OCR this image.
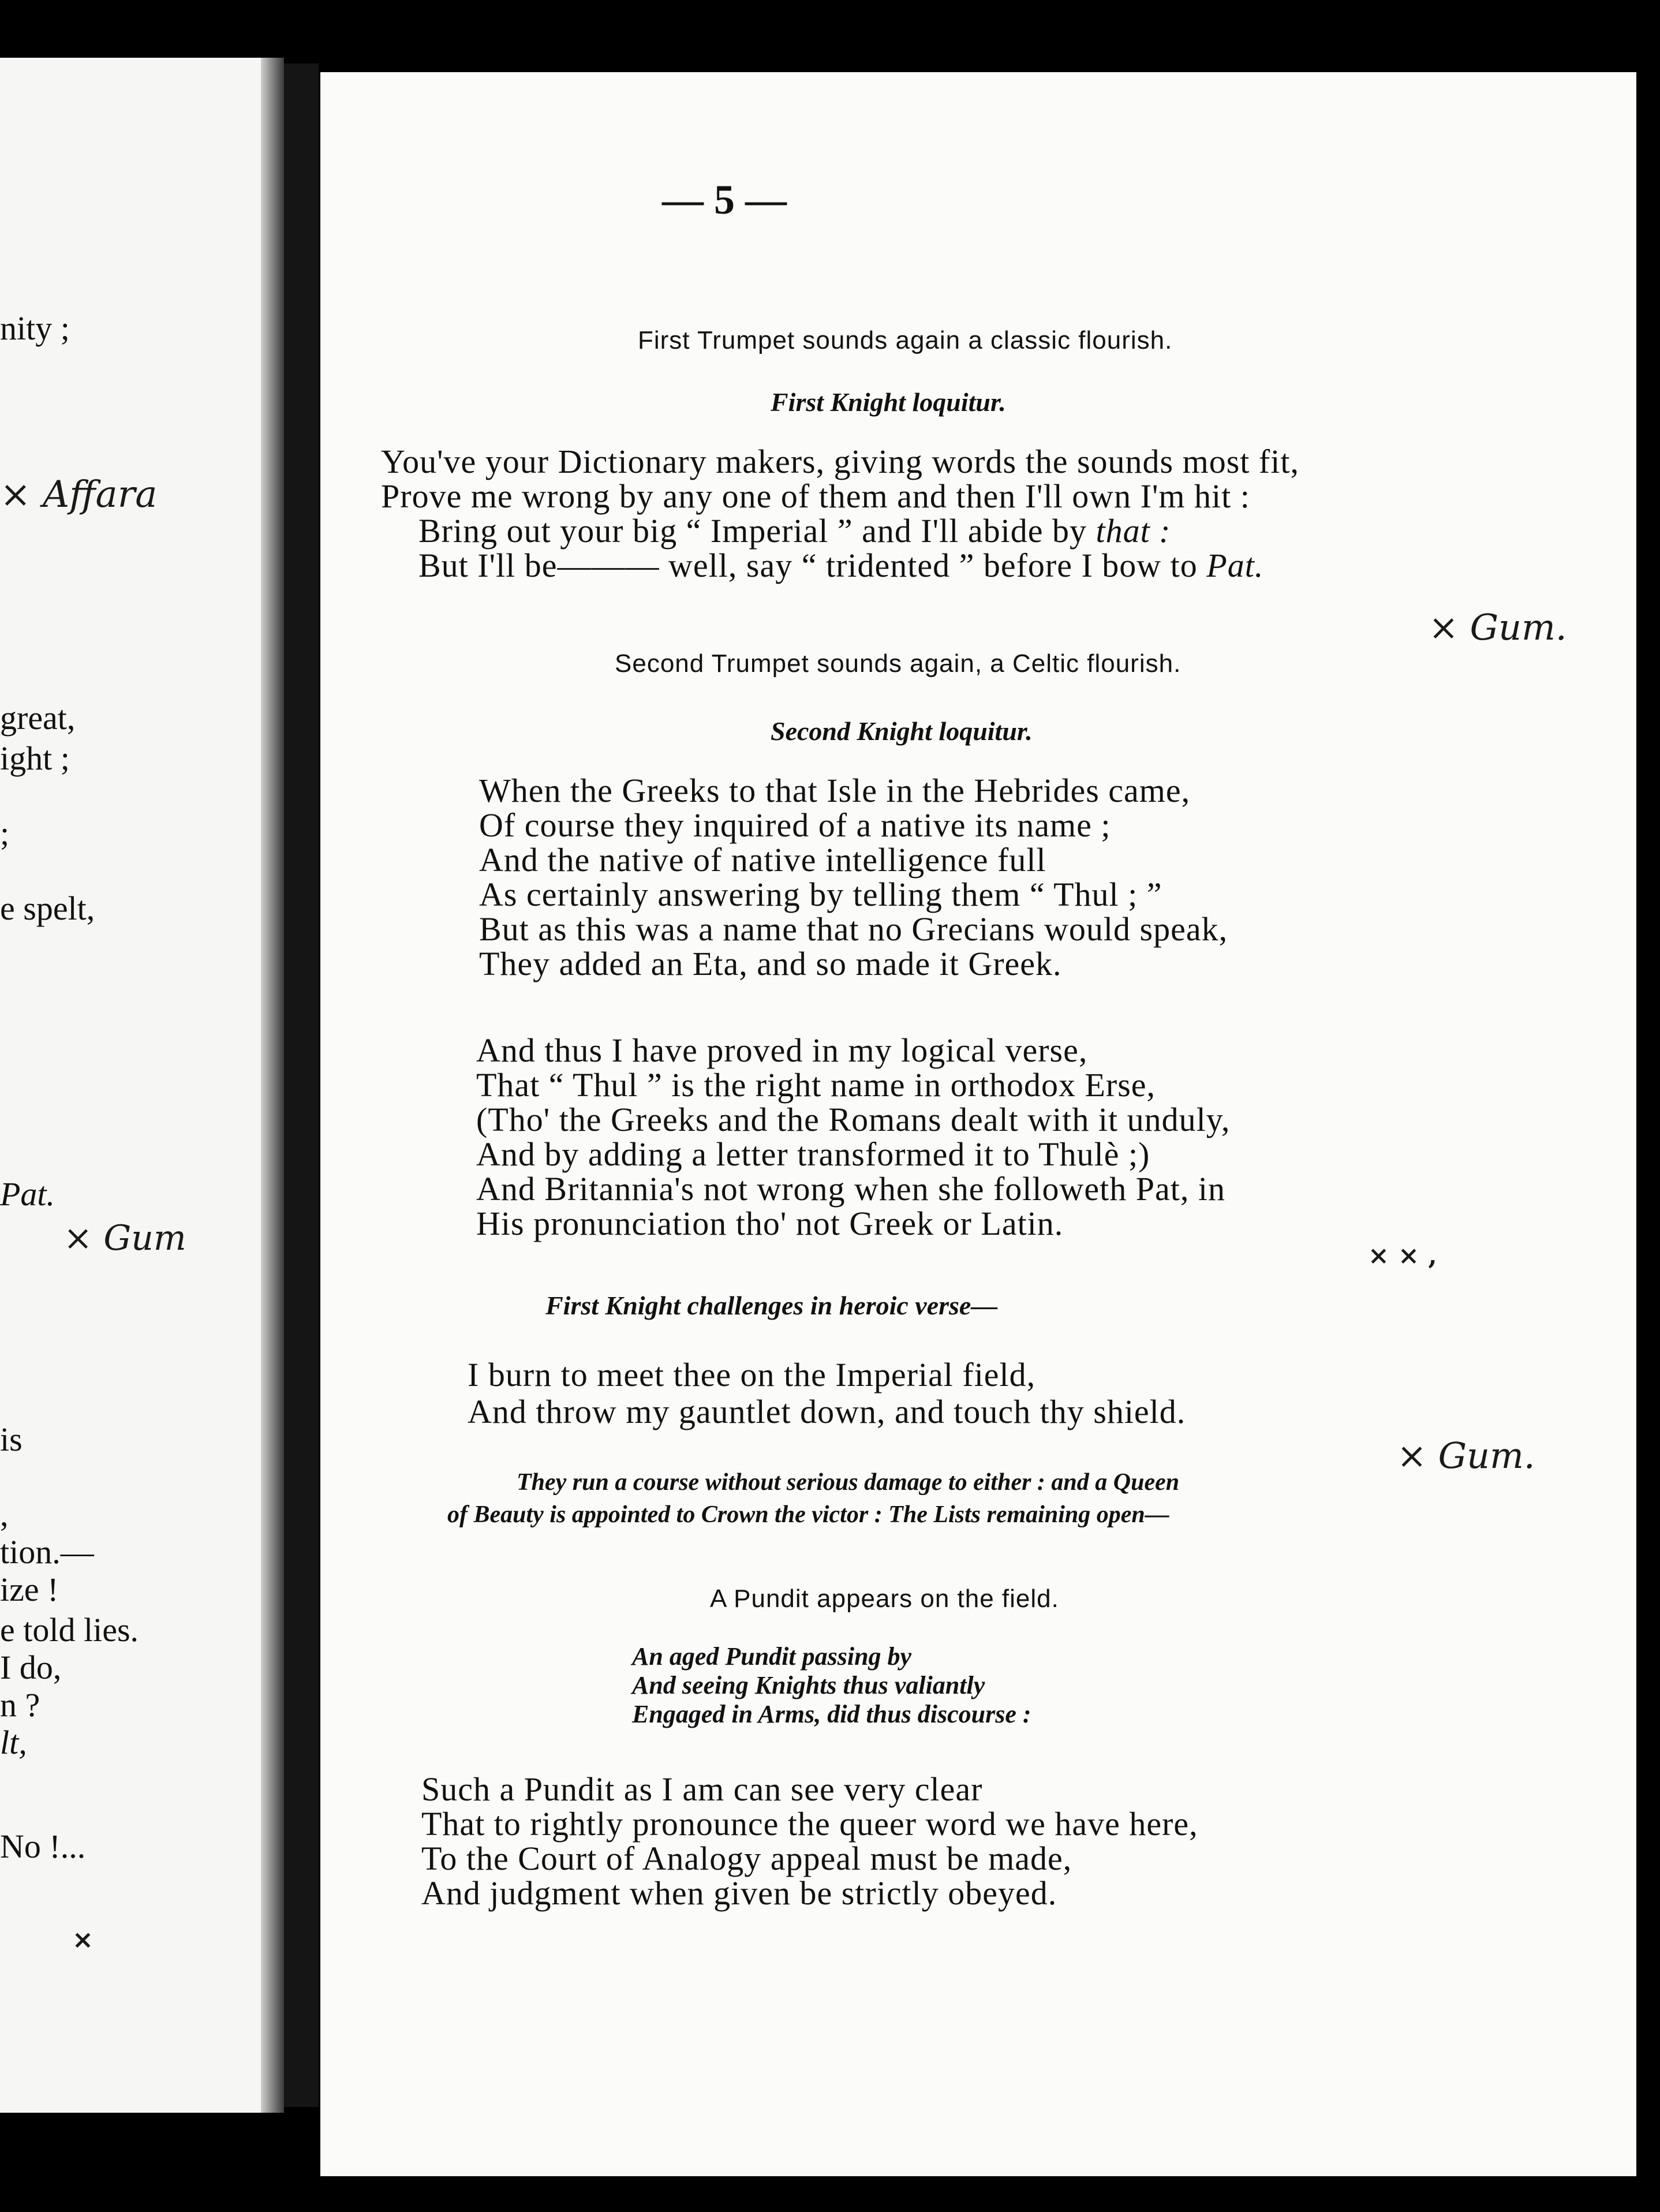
nity ;
× Affara
great,
ight ;
;
e spelt,
Pat.
× Gum
is
,
tion.—
ize !
e told lies.
I do,
n ?
lt,
No !...
×
— 5 —
First Trumpet sounds again a classic flourish.
First Knight loquitur.
You've your Dictionary makers, giving words the sounds most fit,
Prove me wrong by any one of them and then I'll own I'm hit :
Bring out your big “ Imperial ” and I'll abide by that :
But I'll be——— well, say “ tridented ” before I bow to Pat.
× Gum.
Second Trumpet sounds again, a Celtic flourish.
Second Knight loquitur.
When the Greeks to that Isle in the Hebrides came,
Of course they inquired of a native its name ;
And the native of native intelligence full
As certainly answering by telling them “ Thul ; ”
But as this was a name that no Grecians would speak,
They added an Eta, and so made it Greek.
And thus I have proved in my logical verse,
That “ Thul ” is the right name in orthodox Erse,
(Tho' the Greeks and the Romans dealt with it unduly,
And by adding a letter transformed it to Thulè ;)
And Britannia's not wrong when she followeth Pat, in
His pronunciation tho' not Greek or Latin.
× × ,
First Knight challenges in heroic verse—
I burn to meet thee on the Imperial field,
And throw my gauntlet down, and touch thy shield.
× Gum.
They run a course without serious damage to either : and a Queen
of Beauty is appointed to Crown the victor : The Lists remaining open—
A Pundit appears on the field.
An aged Pundit passing by
And seeing Knights thus valiantly
Engaged in Arms, did thus discourse :
Such a Pundit as I am can see very clear
That to rightly pronounce the queer word we have here,
To the Court of Analogy appeal must be made,
And judgment when given be strictly obeyed.
